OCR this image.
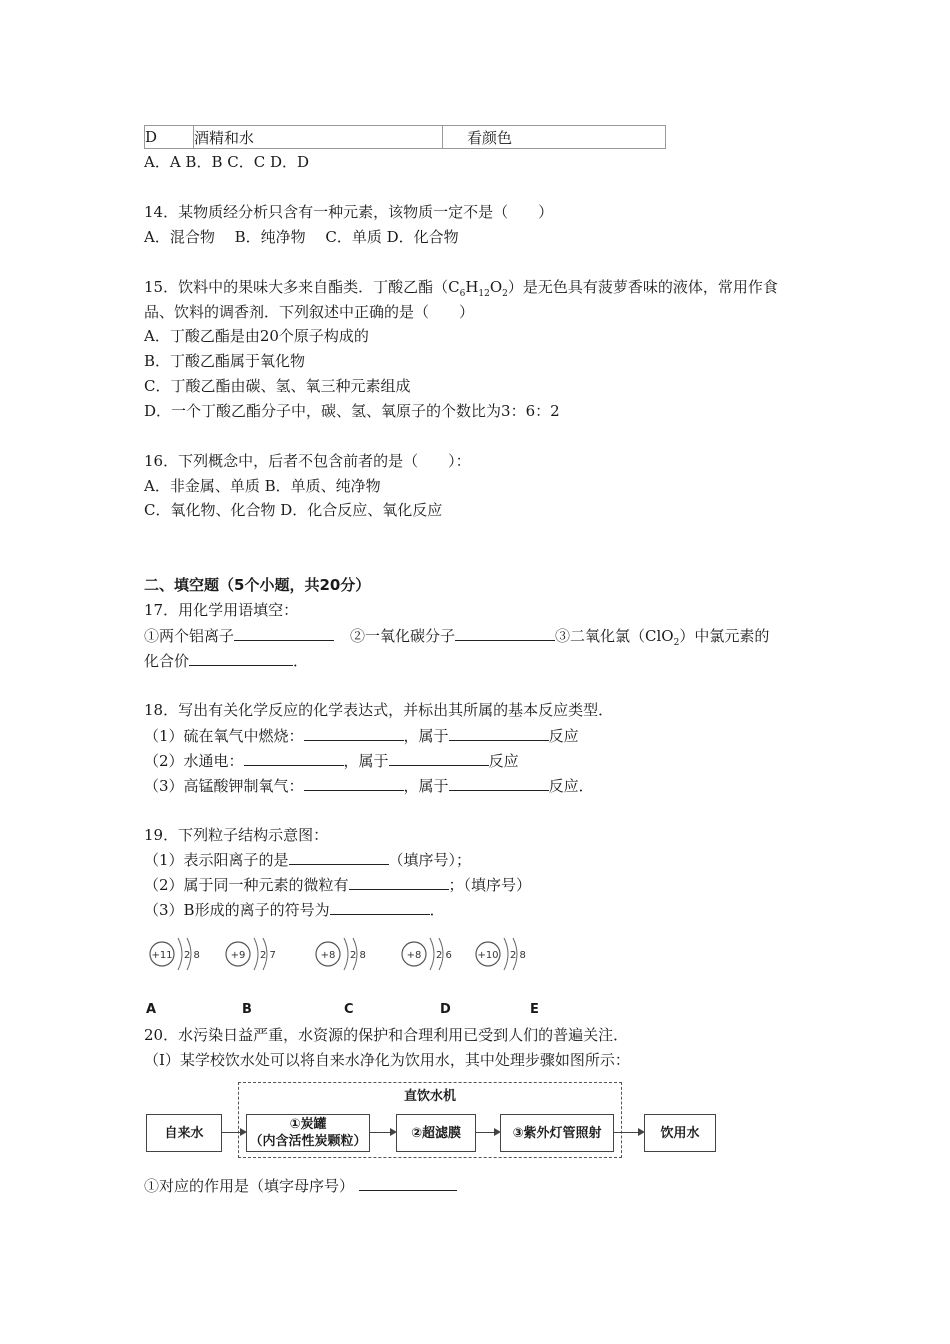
D	酒精和水	看颜色
A．A B．B C．C D．D
14．某物质经分析只含有一种元素，该物质一定不是（　　）
A．混合物　 B．纯净物　 C．单质 D．化合物
15．饮料中的果味大多来自酯类．丁酸乙酯$(C_6H_{12}O_2)$是无色具有菠萝香味的液体，常用作食
品、饮料的调香剂．下列叙述中正确的是（　　）
A．丁酸乙酯是由20个原子构成的
B．丁酸乙酯属于氧化物
C．丁酸乙酯由碳、氢、氧三种元素组成
D．一个丁酸乙酯分子中，碳、氢、氧原子的个数比为3：6：2
16．下列概念中，后者不包含前者的是（　　）：
A．非金属、单质 B．单质、纯净物
C．氧化物、化合物 D．化合反应、氧化反应
二、填空题（5个小题，共20分）
17．用化学用语填空：
①两个铝离子	②一氧化碳分子	③二氧化氯（ClO$_2$）中氯元素的
化合价	．
18．写出有关化学反应的化学表达式，并标出其所属的基本反应类型．
（1）硫在氧气中燃烧：	，属于	反应
（2）水通电：	，属于	反应
（3）高锰酸钾制氧气：	，属于	反应．
19．下列粒子结构示意图：
（1）表示阳离子的是	（填序号）；
（2）属于同一种元素的微粒有	；（填序号）
（3）B形成的离子的符号为	．
+11 2 8
A
+9 2 7
B
+8 2 8
C
+8 2 6
D
+10 2 8
E
20．水污染日益严重，水资源的保护和合理利用已受到人们的普遍关注．
（Ⅰ）某学校饮水处可以将自来水净化为饮用水，其中处理步骤如图所示：
直饮水机
自来水
①炭罐
（内含活性炭颗粒）
②超滤膜	③紫外灯管照射	饮用水
①对应的作用是（填字母序号）
